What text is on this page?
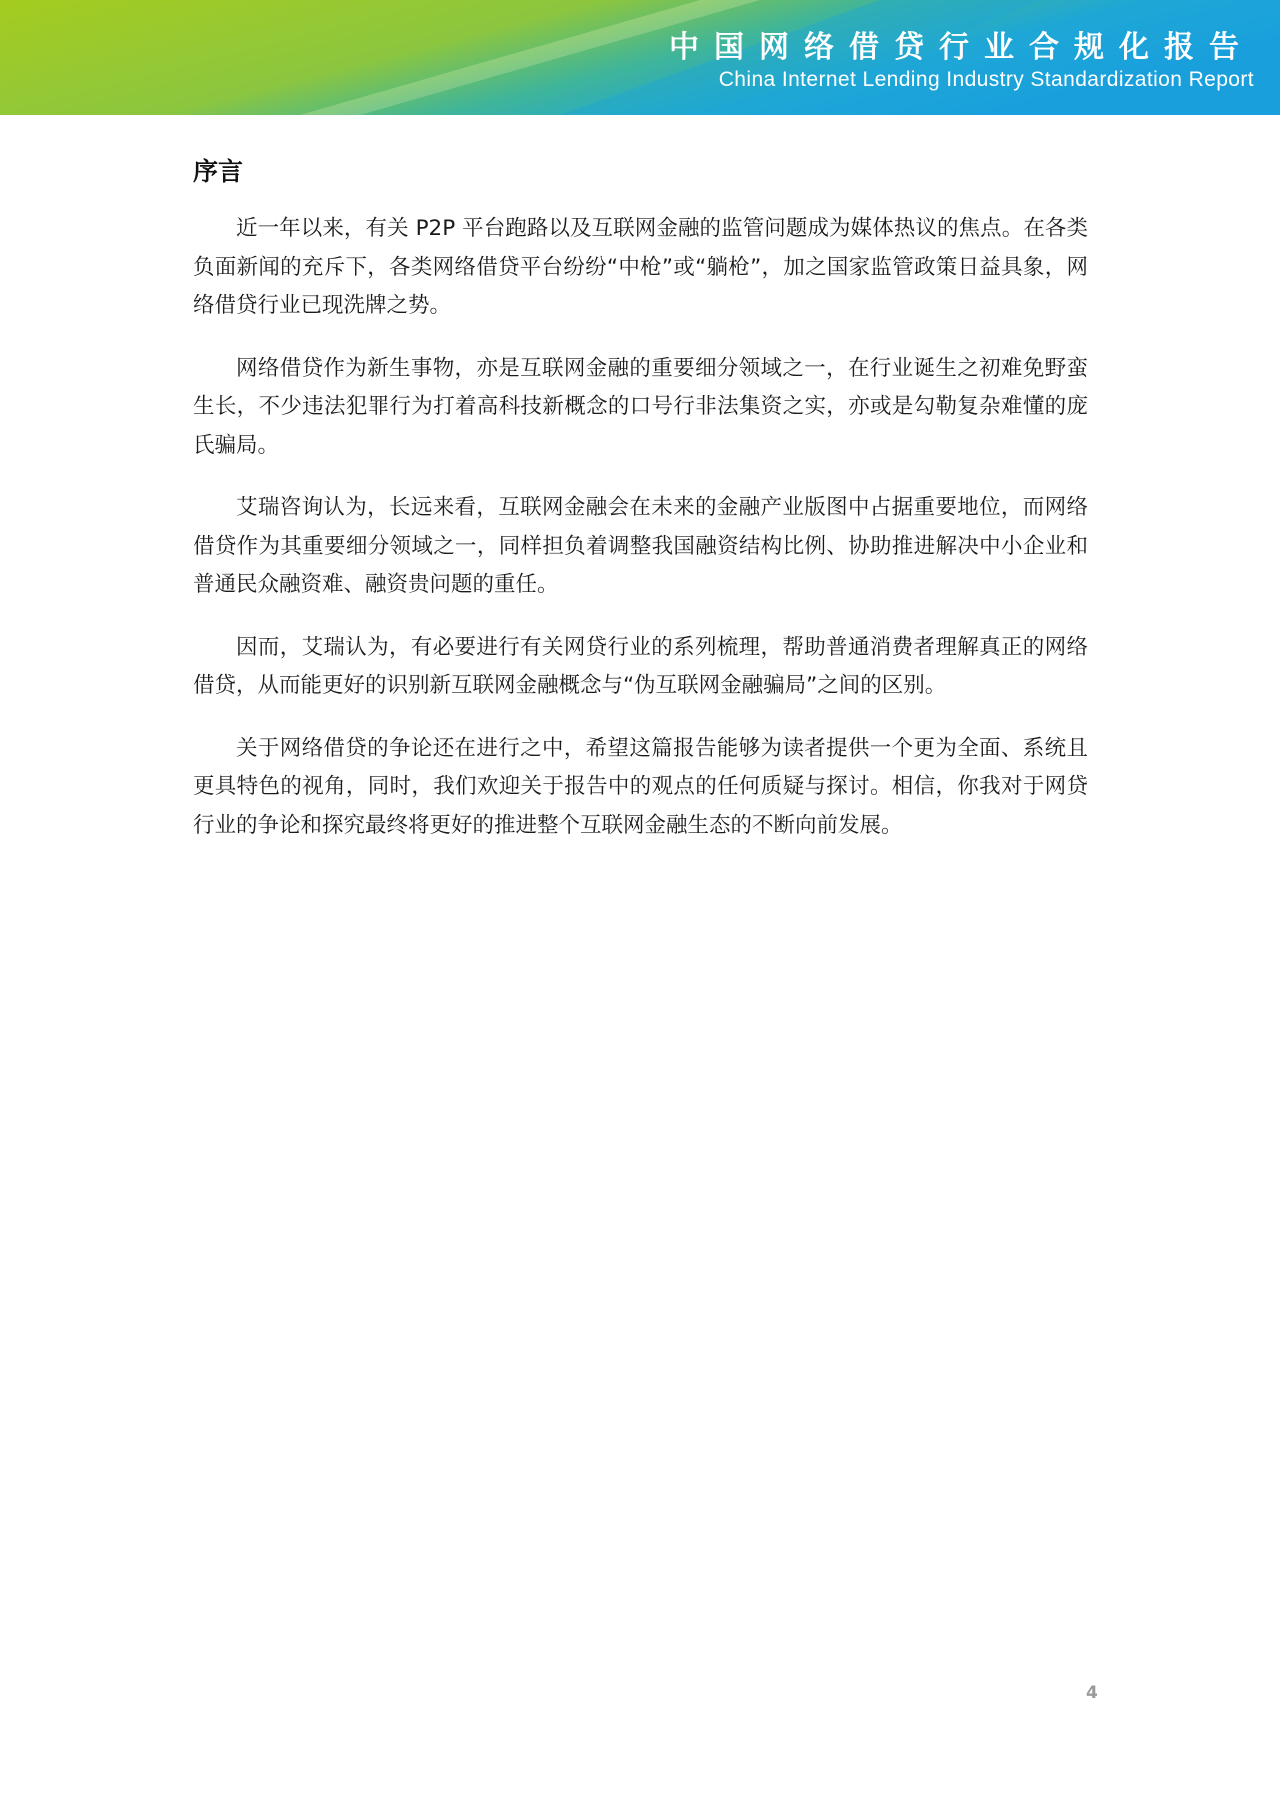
中国网络借贷行业合规化报告
China Internet Lending Industry Standardization Report
序言

近一年以来，有关 P2P 平台跑路以及互联网金融的监管问题成为媒体热议的焦点。在各类负面新闻的充斥下，各类网络借贷平台纷纷“中枪”或“躺枪”，加之国家监管政策日益具象，网络借贷行业已现洗牌之势。

网络借贷作为新生事物，亦是互联网金融的重要细分领域之一，在行业诞生之初难免野蛮生长，不少违法犯罪行为打着高科技新概念的口号行非法集资之实，亦或是勾勒复杂难懂的庞氏骗局。

艾瑞咨询认为，长远来看，互联网金融会在未来的金融产业版图中占据重要地位，而网络借贷作为其重要细分领域之一，同样担负着调整我国融资结构比例、协助推进解决中小企业和普通民众融资难、融资贵问题的重任。

因而，艾瑞认为，有必要进行有关网贷行业的系列梳理，帮助普通消费者理解真正的网络借贷，从而能更好的识别新互联网金融概念与“伪互联网金融骗局”之间的区别。

关于网络借贷的争论还在进行之中，希望这篇报告能够为读者提供一个更为全面、系统且更具特色的视角，同时，我们欢迎关于报告中的观点的任何质疑与探讨。相信，你我对于网贷行业的争论和探究最终将更好的推进整个互联网金融生态的不断向前发展。

4
